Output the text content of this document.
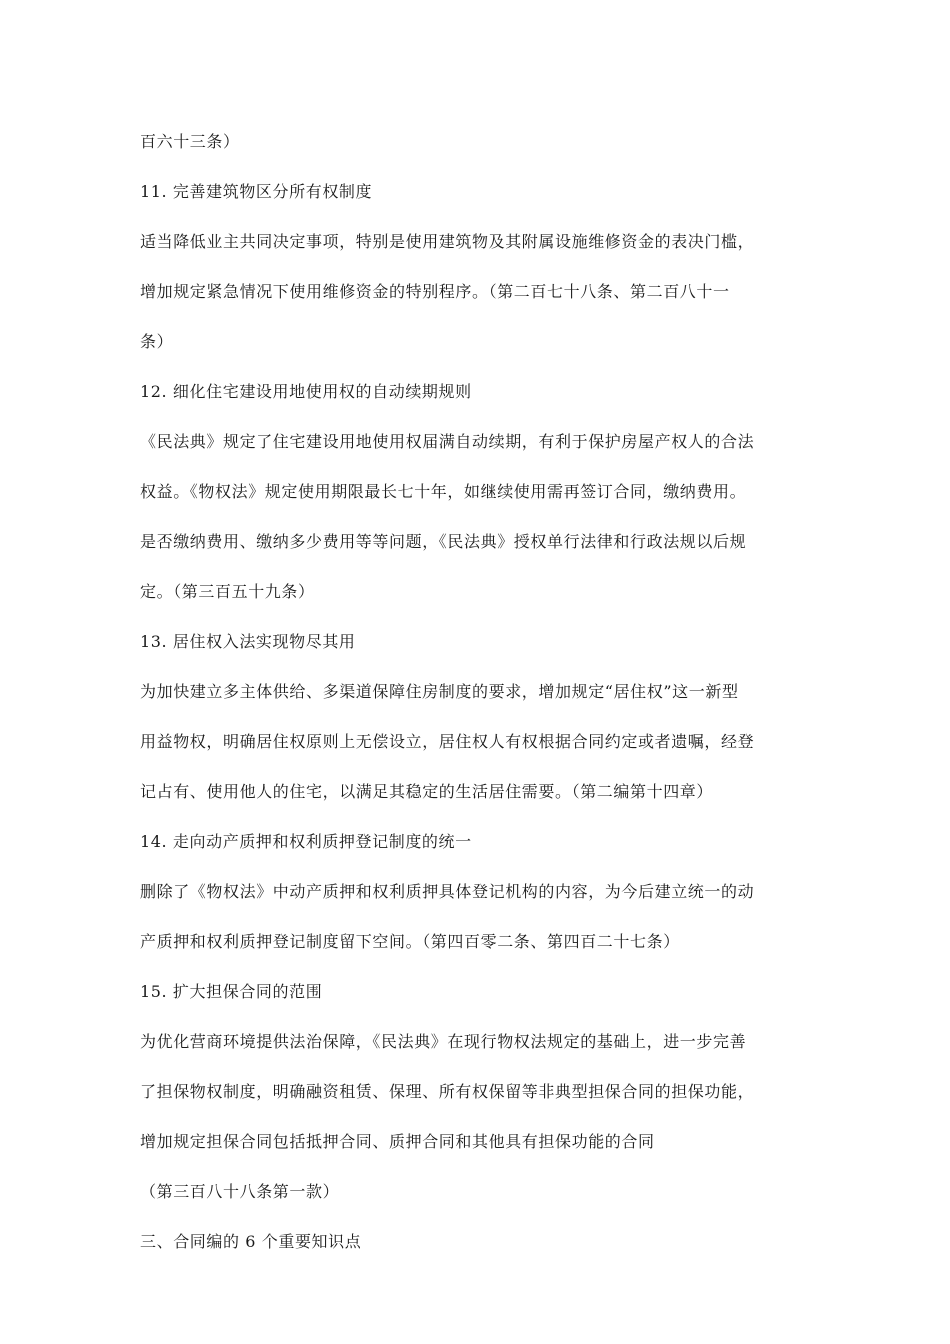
百六十三条）
11. 完善建筑物区分所有权制度
适当降低业主共同决定事项，特别是使用建筑物及其附属设施维修资金的表决门槛，
增加规定紧急情况下使用维修资金的特别程序。（第二百七十八条、第二百八十一
条）
12. 细化住宅建设用地使用权的自动续期规则
《民法典》规定了住宅建设用地使用权届满自动续期，有利于保护房屋产权人的合法
权益。《物权法》规定使用期限最长七十年，如继续使用需再签订合同，缴纳费用。
是否缴纳费用、缴纳多少费用等等问题，《民法典》授权单行法律和行政法规以后规
定。（第三百五十九条）
13. 居住权入法实现物尽其用
为加快建立多主体供给、多渠道保障住房制度的要求，增加规定“居住权”这一新型
用益物权，明确居住权原则上无偿设立，居住权人有权根据合同约定或者遗嘱，经登
记占有、使用他人的住宅，以满足其稳定的生活居住需要。（第二编第十四章）
14. 走向动产质押和权利质押登记制度的统一
删除了《物权法》中动产质押和权利质押具体登记机构的内容，为今后建立统一的动
产质押和权利质押登记制度留下空间。（第四百零二条、第四百二十七条）
15. 扩大担保合同的范围
为优化营商环境提供法治保障，《民法典》在现行物权法规定的基础上，进一步完善
了担保物权制度，明确融资租赁、保理、所有权保留等非典型担保合同的担保功能，
增加规定担保合同包括抵押合同、质押合同和其他具有担保功能的合同
（第三百八十八条第一款）
三、合同编的 6 个重要知识点
